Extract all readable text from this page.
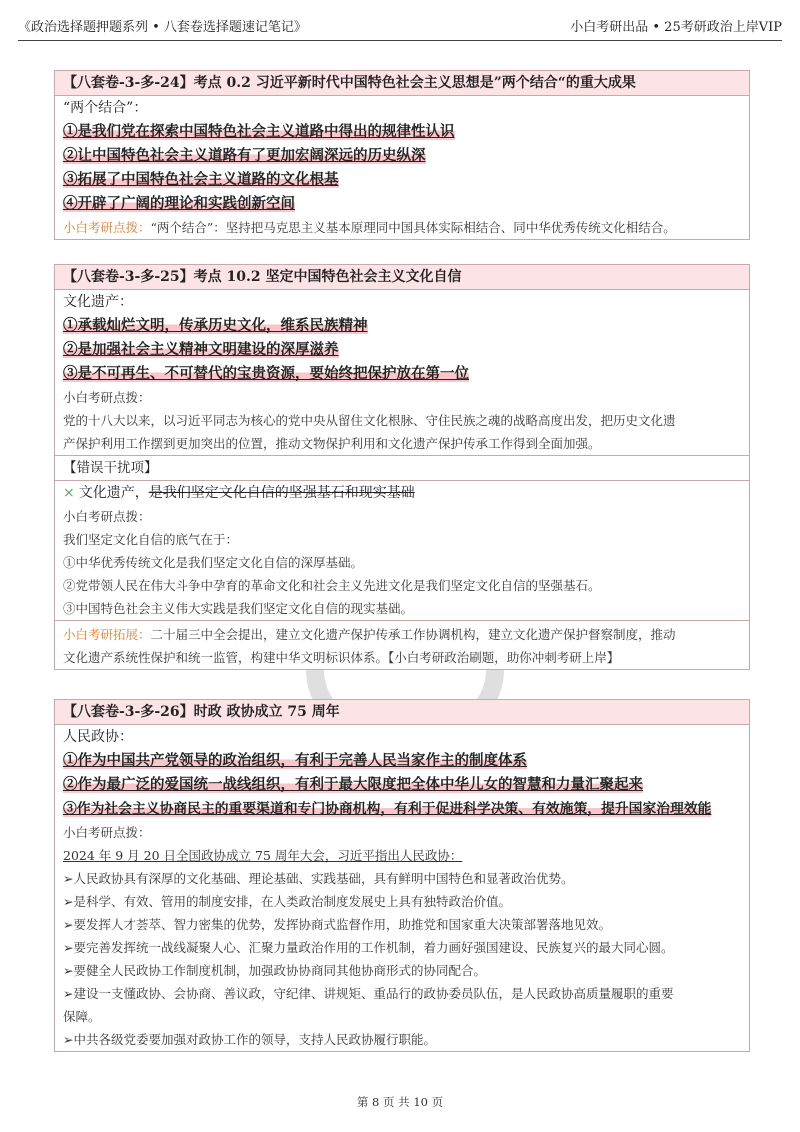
《政治选择题押题系列 • 八套卷选择题速记笔记》	小白考研出品 • 25考研政治上岸VIP
【八套卷-3-多-24】考点 0.2 习近平新时代中国特色社会主义思想是”两个结合“的重大成果
“两个结合”：
①是我们党在探索中国特色社会主义道路中得出的规律性认识
②让中国特色社会主义道路有了更加宏阔深远的历史纵深
③拓展了中国特色社会主义道路的文化根基
④开辟了广阔的理论和实践创新空间
小白考研点拨：“两个结合”：坚持把马克思主义基本原理同中国具体实际相结合、同中华优秀传统文化相结合。
【八套卷-3-多-25】考点 10.2 坚定中国特色社会主义文化自信
文化遗产：
①承载灿烂文明，传承历史文化，维系民族精神
②是加强社会主义精神文明建设的深厚滋养
③是不可再生、不可替代的宝贵资源，要始终把保护放在第一位
小白考研点拨：
党的十八大以来，以习近平同志为核心的党中央从留住文化根脉、守住民族之魂的战略高度出发，把历史文化遗
产保护利用工作摆到更加突出的位置，推动文物保护利用和文化遗产保护传承工作得到全面加强。
【错误干扰项】
× 文化遗产，是我们坚定文化自信的坚强基石和现实基础
小白考研点拨：
我们坚定文化自信的底气在于：
①中华优秀传统文化是我们坚定文化自信的深厚基础。
②党带领人民在伟大斗争中孕育的革命文化和社会主义先进文化是我们坚定文化自信的坚强基石。
③中国特色社会主义伟大实践是我们坚定文化自信的现实基础。
小白考研拓展：二十届三中全会提出，建立文化遗产保护传承工作协调机构，建立文化遗产保护督察制度，推动
文化遗产系统性保护和统一监管，构建中华文明标识体系。【小白考研政治刷题，助你冲刺考研上岸】
【八套卷-3-多-26】时政 政协成立 75 周年
人民政协：
①作为中国共产党领导的政治组织，有利于完善人民当家作主的制度体系
②作为最广泛的爱国统一战线组织，有利于最大限度把全体中华儿女的智慧和力量汇聚起来
③作为社会主义协商民主的重要渠道和专门协商机构，有利于促进科学决策、有效施策，提升国家治理效能
小白考研点拨：
2024 年 9 月 20 日全国政协成立 75 周年大会，习近平指出人民政协：
➢人民政协具有深厚的文化基础、理论基础、实践基础，具有鲜明中国特色和显著政治优势。
➢是科学、有效、管用的制度安排，在人类政治制度发展史上具有独特政治价值。
➢要发挥人才荟萃、智力密集的优势，发挥协商式监督作用，助推党和国家重大决策部署落地见效。
➢要完善发挥统一战线凝聚人心、汇聚力量政治作用的工作机制，着力画好强国建设、民族复兴的最大同心圆。
➢要健全人民政协工作制度机制，加强政协协商同其他协商形式的协同配合。
➢建设一支懂政协、会协商、善议政，守纪律、讲规矩、重品行的政协委员队伍，是人民政协高质量履职的重要
保障。
➢中共各级党委要加强对政协工作的领导，支持人民政协履行职能。
第 8 页 共 10 页
